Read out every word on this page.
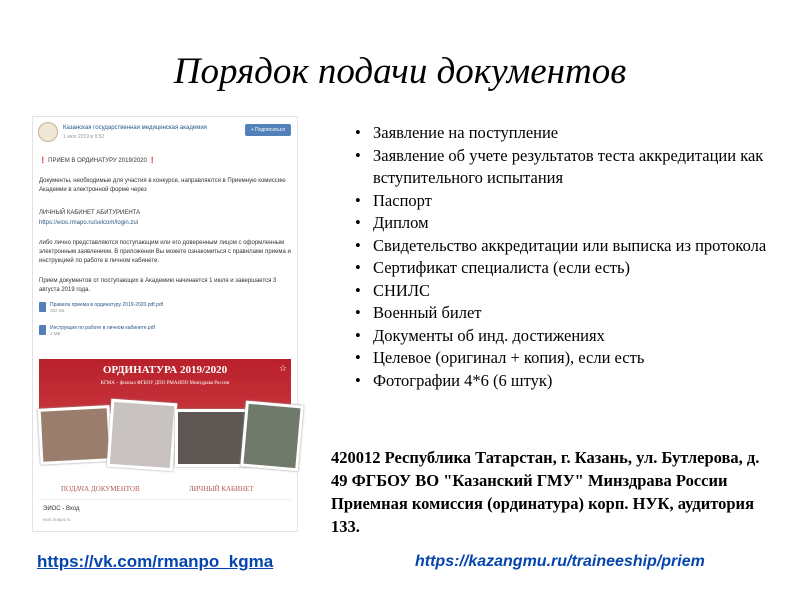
Порядок подачи документов
Казанская государственная медицинская академия
1 июл 2019 в 9:52
+ Подписаться
❗ ПРИЕМ В ОРДИНАТУРУ 2019/2020 ❗
Документы, необходимые для участия в конкурсе, направляются в Приемную комиссию Академии в электронной форме через
ЛИЧНЫЙ КАБИНЕТ АБИТУРИЕНТА
https://eios.rmapo.ru/selcom/login.zul
либо лично представляются поступающим или его доверенным лицом с оформленным электронным заявлением. В приложении Вы можете ознакомиться с правилами приема и инструкцией по работе в личном кабинете.
Прием документов от поступающих в Академию начинается 1 июля и завершается 3 августа 2019 года.
Правила приема в ординатуру 2019-2020.pdf.pdf
352 КБ
Инструкция по работе в личном кабинете.pdf
2 МБ
ОРДИНАТУРА 2019/2020
КГМА – филиал ФГБОУ ДПО РМАНПО Минздрава России
☆
ПОДАЧА ДОКУМЕНТОВ	ЛИЧНЫЙ КАБИНЕТ
ЭИОС - Вход
eios.rmapo.ru
• Заявление на поступление
• Заявление об учете результатов теста аккредитации как вступительного испытания
• Паспорт
• Диплом
• Свидетельство аккредитации или выписка из протокола
• Сертификат специалиста (если есть)
• СНИЛС
• Военный билет
• Документы об инд. достижениях
• Целевое (оригинал + копия), если есть
• Фотографии 4*6 (6 штук)
420012 Республика Татарстан, г. Казань, ул. Бутлерова, д. 49 ФГБОУ ВО "Казанский ГМУ" Минздрава России Приемная комиссия (ординатура) корп. НУК, аудитория 133.
https://vk.com/rmanpo_kgma	https://kazangmu.ru/traineeship/priem
